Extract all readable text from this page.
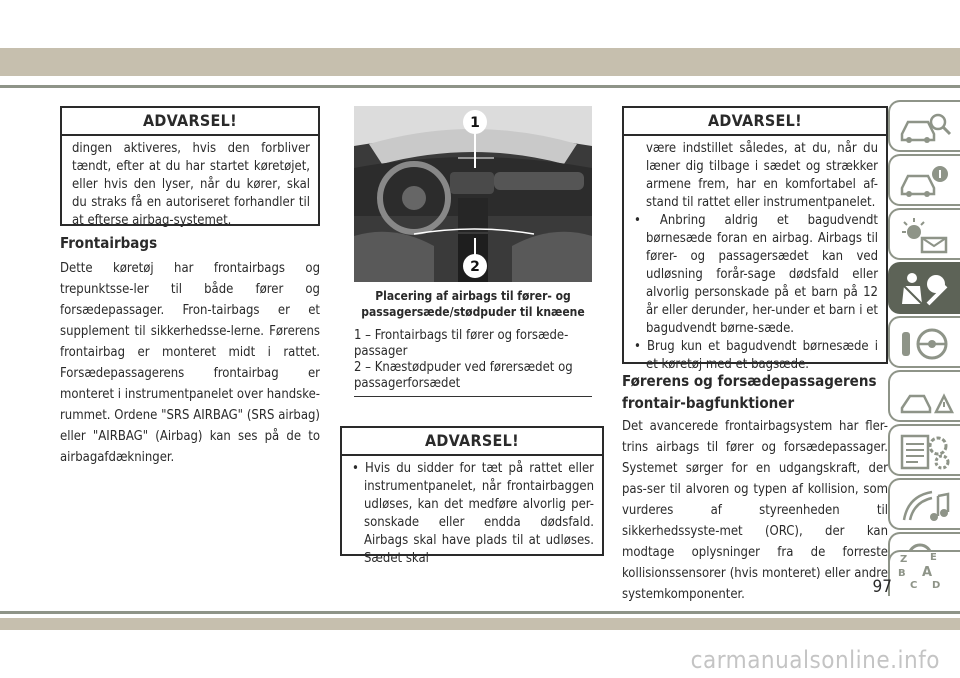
ADVARSEL!
dingen aktiveres, hvis den forbliver tændt, efter at du har startet køretøjet, eller hvis den lyser, når du kører, skal du straks få en autoriseret forhandler til at efterse airbag-systemet.
Frontairbags
Dette køretøj har frontairbags og trepunktsse-ler til både fører og forsædepassager. Fron-tairbags er et supplement til sikkerhedsse-lerne. Førerens frontairbag er monteret midt i rattet. Forsædepassagerens frontairbag er monteret i instrumentpanelet over handske-rummet. Ordene "SRS AIRBAG" (SRS airbag) eller "AIRBAG" (Airbag) kan ses på de to airbagafdækninger.
1
2
Placering af airbags til fører- og passagersæde/stødpuder til knæene
1 – Frontairbags til fører og forsæde-passager
2 – Knæstødpuder ved førersædet og passagerforsædet
ADVARSEL!
• Hvis du sidder for tæt på rattet eller instrumentpanelet, når frontairbaggen udløses, kan det medføre alvorlig per-sonskade eller endda dødsfald. Airbags skal have plads til at udløses. Sædet skal
ADVARSEL!
være indstillet således, at du, når du læner dig tilbage i sædet og strækker armene frem, har en komfortabel af-stand til rattet eller instrumentpanelet.
• Anbring aldrig et bagudvendt børnesæde foran en airbag. Airbags til fører- og passagersædet kan ved udløsning forår-sage dødsfald eller alvorlig personskade på et barn på 12 år eller derunder, her-under et barn i et bagudvendt børne-sæde.
• Brug kun et bagudvendt børnesæde i et køretøj med et bagsæde.
Førerens og forsædepassagerens frontair-bagfunktioner
Det avancerede frontairbagsystem har fler-trins airbags til fører og forsædepassager. Systemet sørger for en udgangskraft, der pas-ser til alvoren og typen af kollision, som vurderes af styreenheden til sikkerhedssyste-met (ORC), der kan modtage oplysninger fra de forreste kollisionssensorer (hvis monteret) eller andre systemkomponenter.
Z E
B A
C D
97
carmanualsonline.info
